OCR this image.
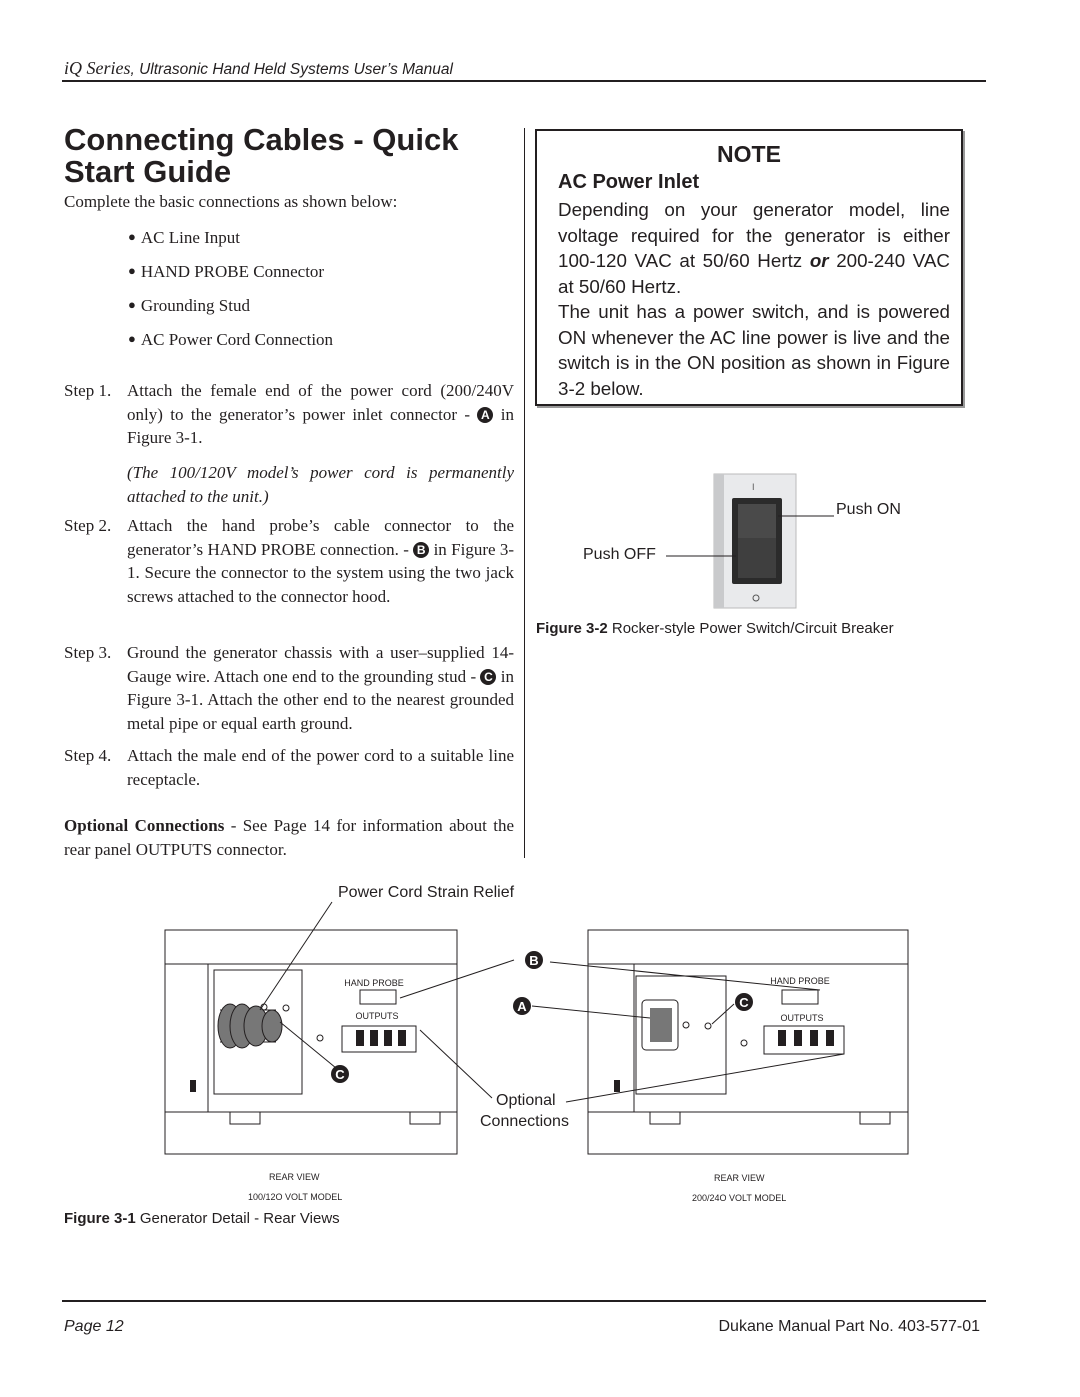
iQ Series, Ultrasonic Hand Held Systems User’s Manual
Connecting Cables - Quick Start Guide
Complete the basic connections as shown below:
● AC Line Input
● HAND PROBE Connector
● Grounding Stud
● AC Power Cord Connection
Step 1. Attach the female end of the power cord (200/240V only) to the generator’s power inlet connector - A in Figure 3-1.
(The 100/120V model’s power cord is permanently attached to the unit.)
Step 2. Attach the hand probe’s cable connector to the generator’s HAND PROBE connection. - B in Figure 3-1. Secure the connector to the system using the two jack screws attached to the connector hood.
Step 3. Ground the generator chassis with a user–supplied 14-Gauge wire. Attach one end to the grounding stud - C in Figure 3-1. Attach the other end to the nearest grounded metal pipe or equal earth ground.
Step 4. Attach the male end of the power cord to a suitable line receptacle.
Optional Connections - See Page 14 for information about the rear panel OUTPUTS connector.
NOTE
AC Power Inlet
Depending on your generator model, line voltage required for the generator is either 100-120 VAC at 50/60 Hertz or 200-240 VAC at 50/60 Hertz.
The unit has a power switch, and is powered ON whenever the AC line power is live and the switch is in the ON position as shown in Figure 3-2 below.
I
Push ON
Push OFF
Figure 3-2 Rocker-style Power Switch/Circuit Breaker
B
A	C
C
HAND PROBE
OUTPUTS
HAND PROBE
OUTPUTS
Power Cord Strain Relief
Optional
Connections
REAR VIEW
100/12O VOLT MODEL
REAR VIEW
200/24O VOLT MODEL
Figure 3-1 Generator Detail - Rear Views
Page 12	Dukane Manual Part No. 403-577-01
